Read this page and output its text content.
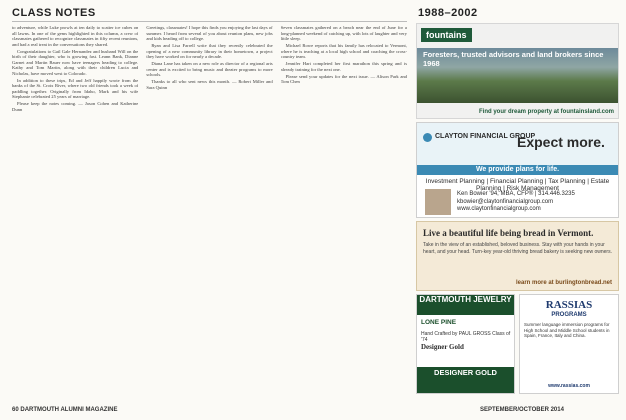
CLASS NOTES	1988–2002

to adventure, while Luke prowls at ten daily to scatter ice cubes on all lawns. In one of the gems highlighted in this column, a crew of classmates gathered to recognize classmates in fifty recent reunions, and had a real treat in the conversations they shared.

Congratulations to Gail Gale Hernandez and husband Will on the birth of their daughter, who is growing fast. Leann Bank, Dianne Garnet and Martin Bauer now have teenagers heading to college. Kathy and Tom Martin, along with their children Lucia and Nicholas, have moved west to Colorado.

In addition to these trips, Ed and Jeff happily wrote from the banks of the St. Croix River, where two old friends took a week of paddling together. Originally from Idaho, Mark and his wife Stephanie celebrated 25 years of marriage.

Please keep the notes coming. — Jason Cohen and Katherine Dunn

Greetings, classmates! I hope this finds you enjoying the last days of summer. I heard from several of you about reunion plans, new jobs and kids heading off to college.

Ryan and Lisa Farrell write that they recently celebrated the opening of a new community library in their hometown, a project they have worked on for nearly a decade.

Diana Lane has taken on a new role as director of a regional arts center and is excited to bring music and theater programs to more schools.

Thanks to all who sent news this month. — Robert Miller and Sara Quinn

Seven classmates gathered on a beach near the end of June for a long-planned weekend of catching up, with lots of laughter and very little sleep.

Michael Rowe reports that his family has relocated to Vermont, where he is teaching at a local high school and coaching the cross-country team.

Jennifer Hart completed her first marathon this spring and is already training for the next one.

Please send your updates for the next issue. — Alison Park and Tom Chen

fountains
Foresters, trusted advisors and land brokers since 1968
Find your dream property at fountainsland.com
CLAYTON FINANCIAL GROUP
Expect more.
We provide plans for life.
Investment Planning | Financial Planning | Tax Planning | Estate Planning | Risk Management
Ken Bowier '94, MBA, CFP® | 314.446.3235
kbowier@claytonfinancialgroup.com
www.claytonfinancialgroup.com
Live a beautiful life being bread in Vermont.
Take in the view of an established, beloved business. Stay with your hands in your heart, and your head. Turn-key year-old thriving bread bakery is seeking new owners.
learn more at burlingtonbread.net
DARTMOUTH JEWELRY
LONE PINE
Hand Crafted by PAUL GROSS Class of '74
Designer Gold
DESIGNER GOLD
RASSIAS
PROGRAMS
Summer language immersion programs for High School and Middle School students in Spain, France, Italy and China.
www.rassias.com
60 DARTMOUTH ALUMNI MAGAZINE	SEPTEMBER/OCTOBER 2014
